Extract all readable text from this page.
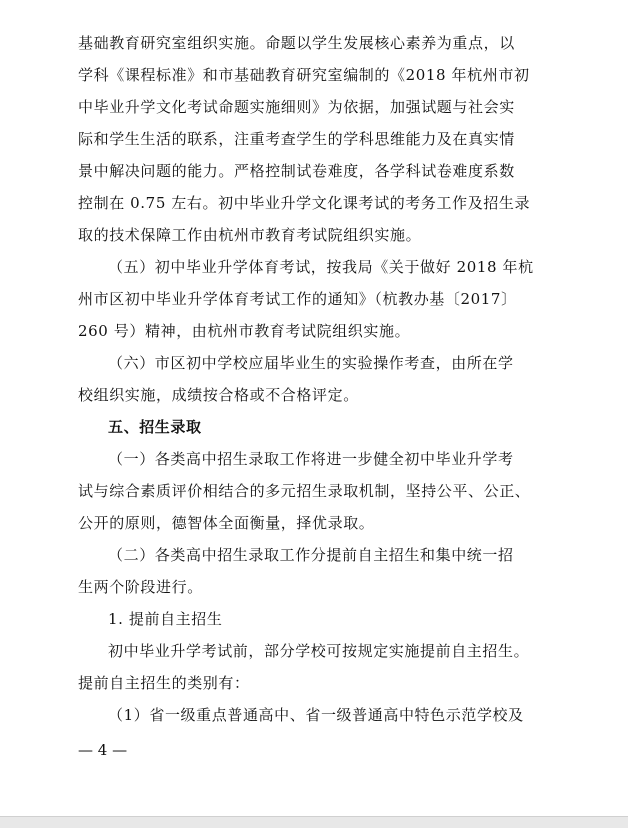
基础教育研究室组织实施。命题以学生发展核心素养为重点，以
学科《课程标准》和市基础教育研究室编制的《2018 年杭州市初
中毕业升学文化考试命题实施细则》为依据，加强试题与社会实
际和学生生活的联系，注重考查学生的学科思维能力及在真实情
景中解决问题的能力。严格控制试卷难度，各学科试卷难度系数
控制在 0.75 左右。初中毕业升学文化课考试的考务工作及招生录
取的技术保障工作由杭州市教育考试院组织实施。
（五）初中毕业升学体育考试，按我局《关于做好 2018 年杭
州市区初中毕业升学体育考试工作的通知》（杭教办基〔2017〕
260 号）精神，由杭州市教育考试院组织实施。
（六）市区初中学校应届毕业生的实验操作考查，由所在学
校组织实施，成绩按合格或不合格评定。
五、招生录取
（一）各类高中招生录取工作将进一步健全初中毕业升学考
试与综合素质评价相结合的多元招生录取机制，坚持公平、公正、
公开的原则，德智体全面衡量，择优录取。
（二）各类高中招生录取工作分提前自主招生和集中统一招
生两个阶段进行。
1. 提前自主招生
初中毕业升学考试前，部分学校可按规定实施提前自主招生。
提前自主招生的类别有：
（1）省一级重点普通高中、省一级普通高中特色示范学校及
— 4 —
